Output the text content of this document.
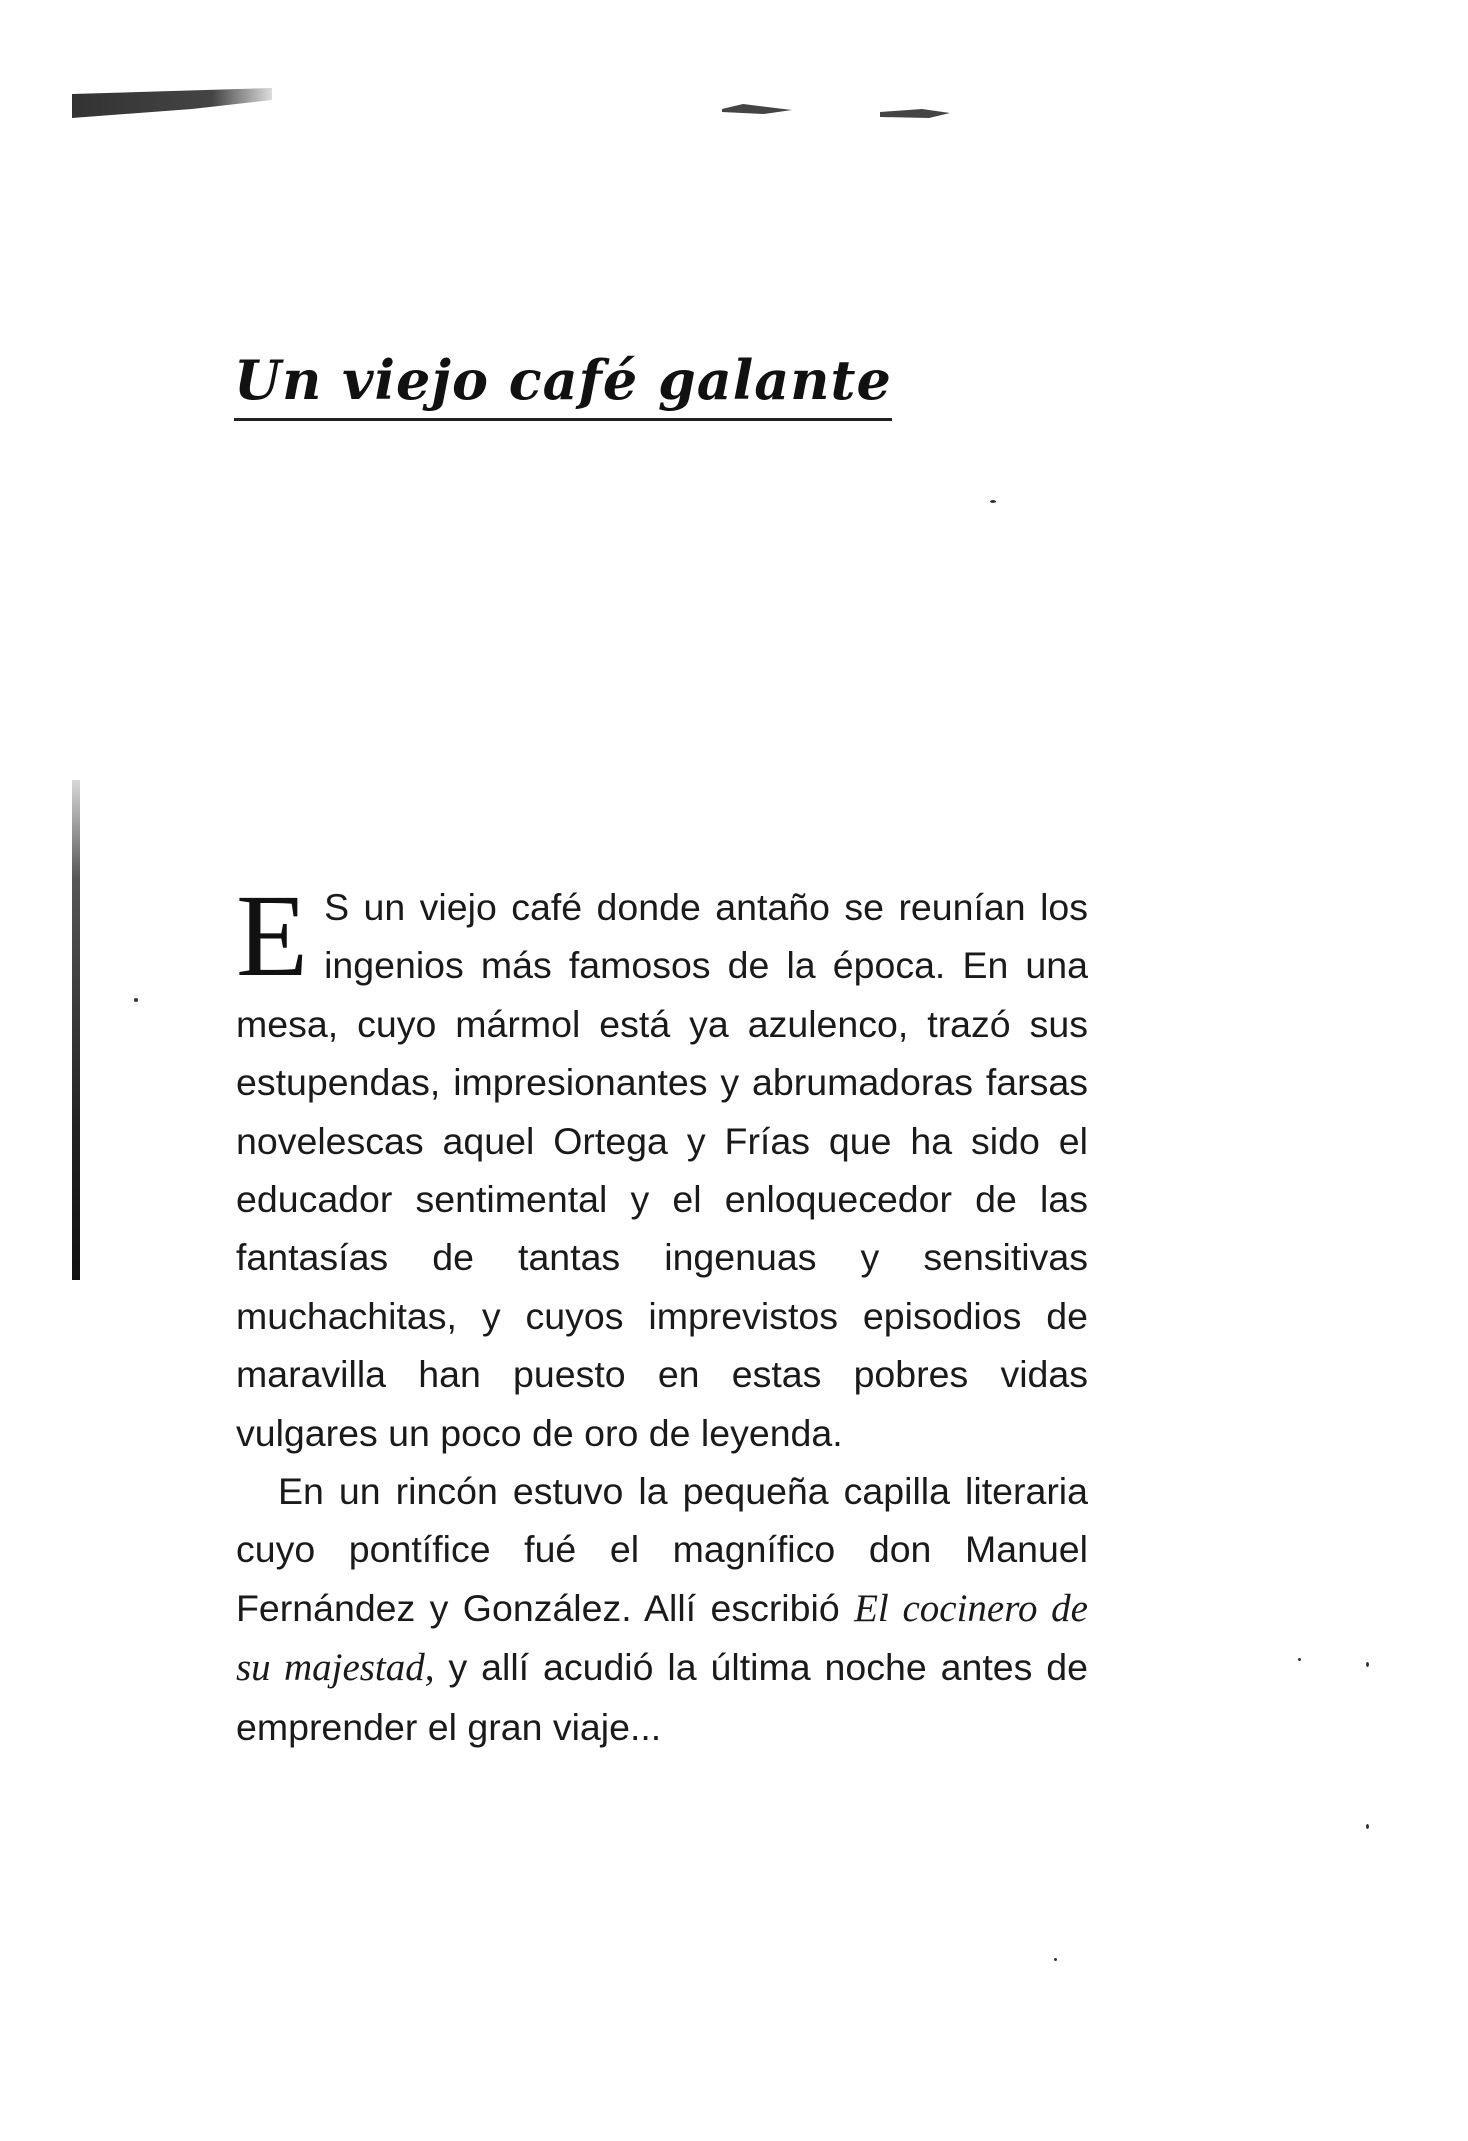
Un viejo café galante

E S un viejo café donde antaño se reunían los ingenios más famosos de la época. En una mesa, cuyo mármol está ya azulenco, trazó sus estupendas, impresionantes y abrumadoras farsas novelescas aquel Ortega y Frías que ha sido el educador sentimental y el enloquecedor de las fantasías de tantas ingenuas y sensitivas muchachitas, y cuyos imprevistos episodios de maravilla han puesto en estas pobres vidas vulgares un poco de oro de leyenda.

En un rincón estuvo la pequeña capilla literaria cuyo pontífice fué el magnífico don Manuel Fernández y González. Allí escribió El cocinero de su majestad, y allí acudió la última noche antes de emprender el gran viaje...
